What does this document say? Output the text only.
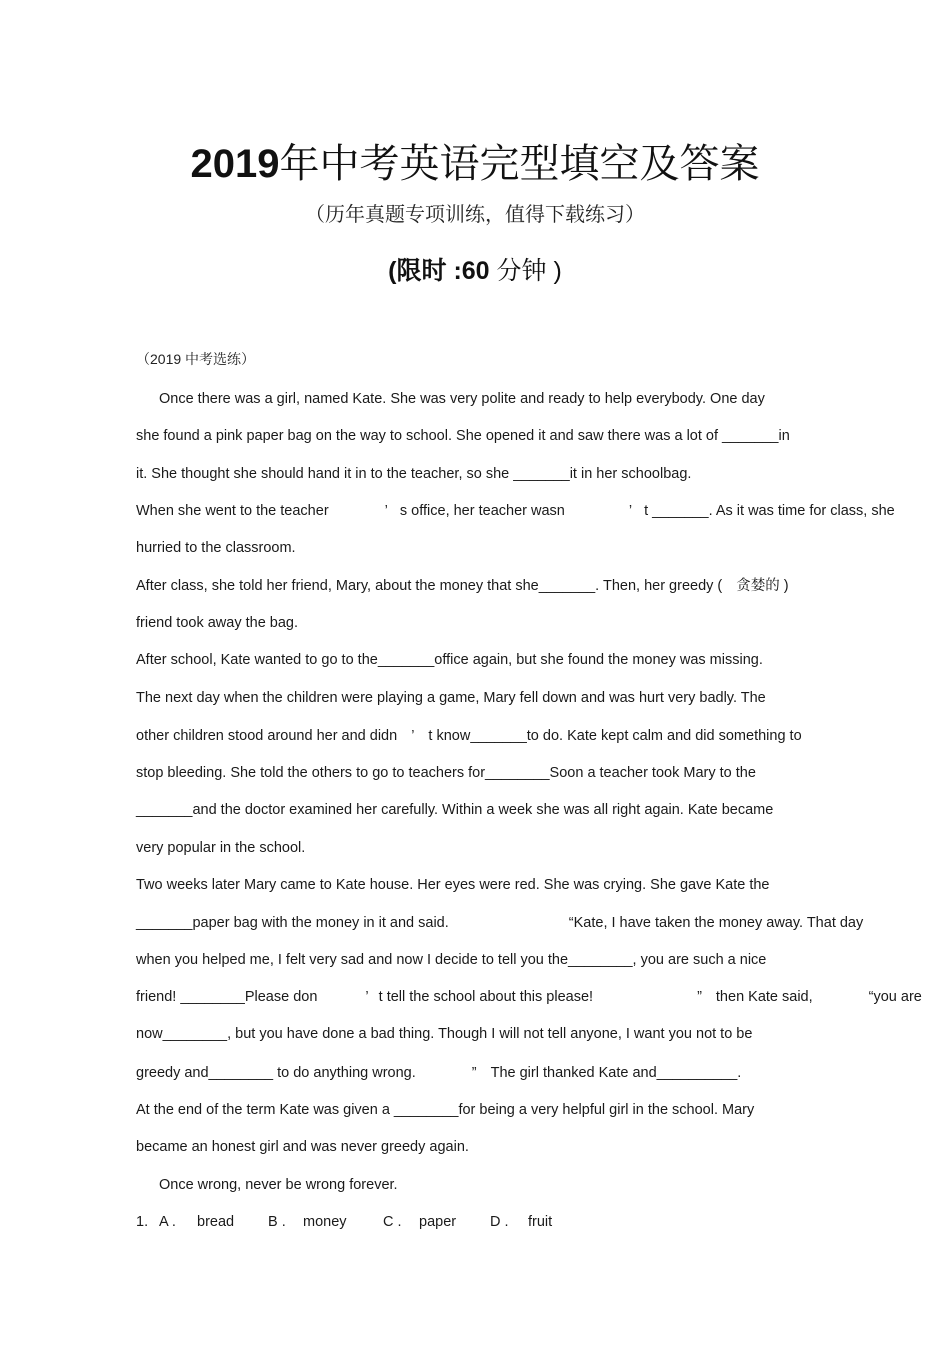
2019年中考英语完型填空及答案
（历年真题专项训练，值得下载练习）
(限时 :60 分钟 )
（2019 中考选练）
Once there was a girl, named Kate. She was very polite and ready to help everybody. One day
she found a pink paper bag on the way to school. She opened it and saw there was a lot of _______in
it. She thought she should hand it in to the teacher, so she _______it in her schoolbag.
When she went to the teacher	’ s office, her teacher wasn	’ t _______. As it was time for class, she
hurried to the classroom.
After class, she told her friend, Mary, about the money that she_______. Then, her greedy ( 贪婪的 )
friend took away the bag.
After school, Kate wanted to go to the_______office again, but she found the money was missing.
The next day when the children were playing a game, Mary fell down and was hurt very badly. The
other children stood around her and didn ’ t know_______to do. Kate kept calm and did something to
stop bleeding. She told the others to go to teachers for________Soon a teacher took Mary to the
_______and the doctor examined her carefully. Within a week she was all right again. Kate became
very popular in the school.
Two weeks later Mary came to Kate house. Her eyes were red. She was crying. She gave Kate the
_______paper bag with the money in it and said.	“Kate, I have taken the money away. That day
when you helped me, I felt very sad and now I decide to tell you the________, you are such a nice
friend! ________Please don	’ t tell the school about this please!	” then Kate said,	“you are
now________, but you have done a bad thing. Though I will not tell anyone, I want you not to be
greedy and________ to do anything wrong.	” The girl thanked Kate and__________.
At the end of the term Kate was given a ________for being a very helpful girl in the school. Mary
became an honest girl and was never greedy again.
Once wrong, never be wrong forever.
1. A . bread B . money	C . paper D . fruit
